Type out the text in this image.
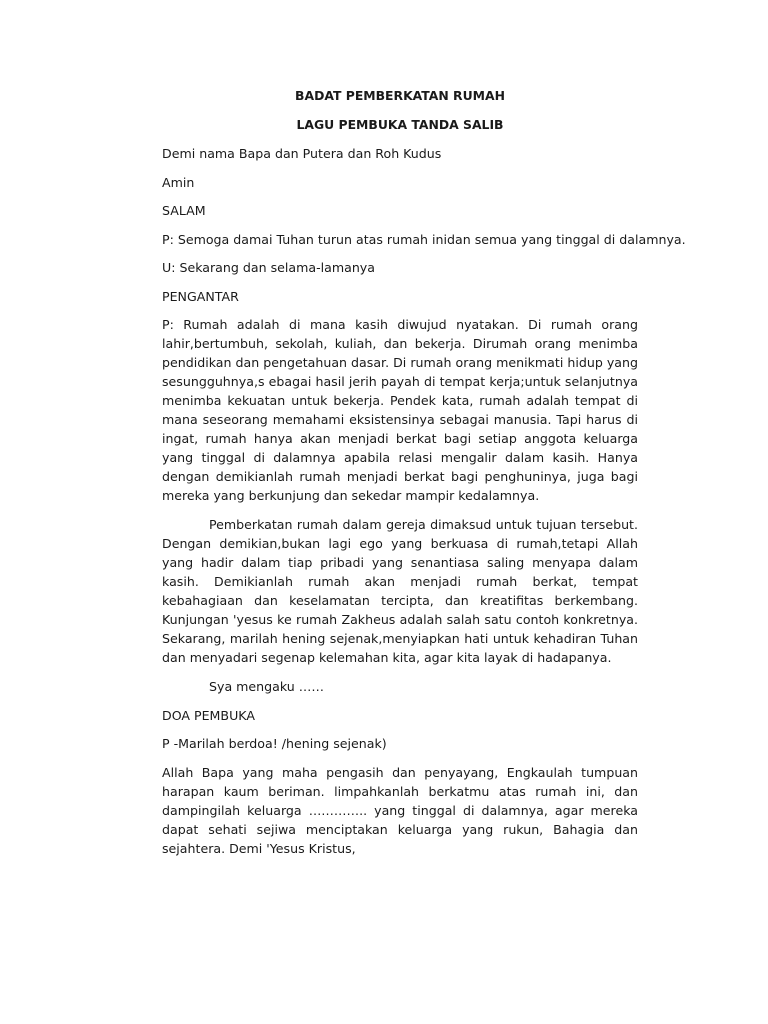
BADAT PEMBERKATAN RUMAH
LAGU PEMBUKA TANDA SALIB
Demi nama Bapa dan Putera dan Roh Kudus
Amin
SALAM
P: Semoga damai Tuhan turun atas rumah inidan semua yang tinggal di dalamnya.
U: Sekarang dan selama-lamanya
PENGANTAR

P: Rumah adalah di mana kasih diwujud nyatakan. Di rumah orang lahir,bertumbuh, sekolah, kuliah, dan bekerja. Dirumah orang menimba pendidikan dan pengetahuan dasar. Di rumah orang menikmati hidup yang sesungguhnya,s ebagai hasil jerih payah di tempat kerja;untuk selanjutnya menimba kekuatan untuk bekerja. Pendek kata, rumah adalah tempat di mana seseorang memahami eksistensinya sebagai manusia. Tapi harus di ingat, rumah hanya akan menjadi berkat bagi setiap anggota keluarga yang tinggal di dalamnya apabila relasi mengalir dalam kasih. Hanya dengan demikianlah rumah menjadi berkat bagi penghuninya, juga bagi mereka yang berkunjung dan sekedar mampir kedalamnya.

Pemberkatan rumah dalam gereja dimaksud untuk tujuan tersebut. Dengan demikian,bukan lagi ego yang berkuasa di rumah,tetapi Allah yang hadir dalam tiap pribadi yang senantiasa saling menyapa dalam kasih. Demikianlah rumah akan menjadi rumah berkat, tempat kebahagiaan dan keselamatan tercipta, dan kreatifitas berkembang. Kunjungan 'yesus ke rumah Zakheus adalah salah satu contoh konkretnya. Sekarang, marilah hening sejenak,menyiapkan hati untuk kehadiran Tuhan dan menyadari segenap kelemahan kita, agar kita layak di hadapanya.

Sya mengaku ……
DOA PEMBUKA
P -Marilah berdoa! /hening sejenak)

Allah Bapa yang maha pengasih dan penyayang, Engkaulah tumpuan harapan kaum beriman. limpahkanlah berkatmu atas rumah ini, dan dampingilah keluarga ………….. yang tinggal di dalamnya, agar mereka dapat sehati sejiwa menciptakan keluarga yang rukun, Bahagia dan sejahtera. Demi 'Yesus Kristus,
